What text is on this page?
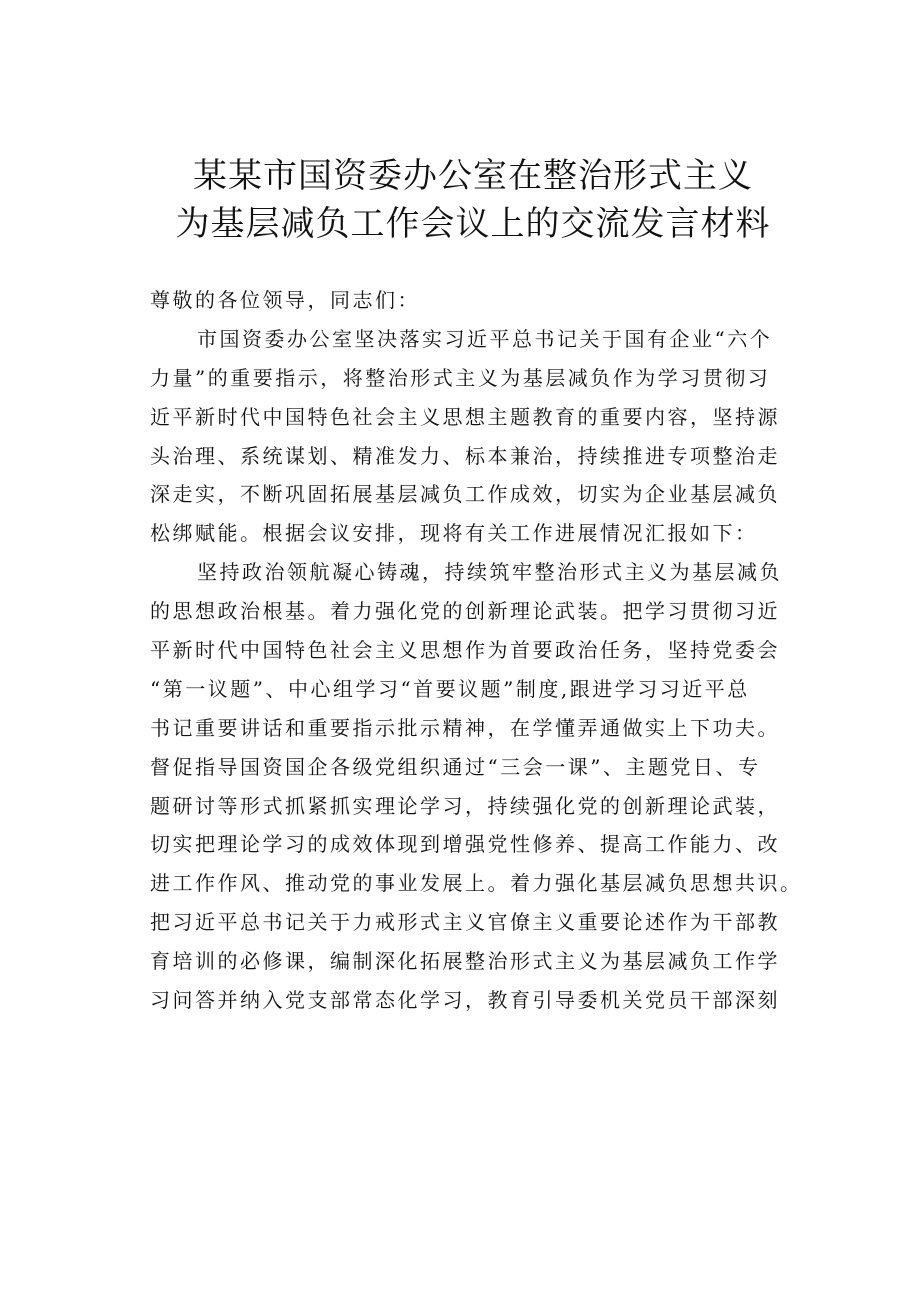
某某市国资委办公室在整治形式主义
为基层减负工作会议上的交流发言材料
尊敬的各位领导，同志们：
市国资委办公室坚决落实习近平总书记关于国有企业“六个
力量”的重要指示，将整治形式主义为基层减负作为学习贯彻习
近平新时代中国特色社会主义思想主题教育的重要内容，坚持源
头治理、系统谋划、精准发力、标本兼治，持续推进专项整治走
深走实，不断巩固拓展基层减负工作成效，切实为企业基层减负
松绑赋能。根据会议安排，现将有关工作进展情况汇报如下：
坚持政治领航凝心铸魂，持续筑牢整治形式主义为基层减负
的思想政治根基。着力强化党的创新理论武装。把学习贯彻习近
平新时代中国特色社会主义思想作为首要政治任务，坚持党委会
“第一议题”、中心组学习“首要议题”制度,跟进学习习近平总
书记重要讲话和重要指示批示精神，在学懂弄通做实上下功夫。
督促指导国资国企各级党组织通过“三会一课”、主题党日、专
题研讨等形式抓紧抓实理论学习，持续强化党的创新理论武装，
切实把理论学习的成效体现到增强党性修养、提高工作能力、改
进工作作风、推动党的事业发展上。着力强化基层减负思想共识。
把习近平总书记关于力戒形式主义官僚主义重要论述作为干部教
育培训的必修课，编制深化拓展整治形式主义为基层减负工作学
习问答并纳入党支部常态化学习，教育引导委机关党员干部深刻
